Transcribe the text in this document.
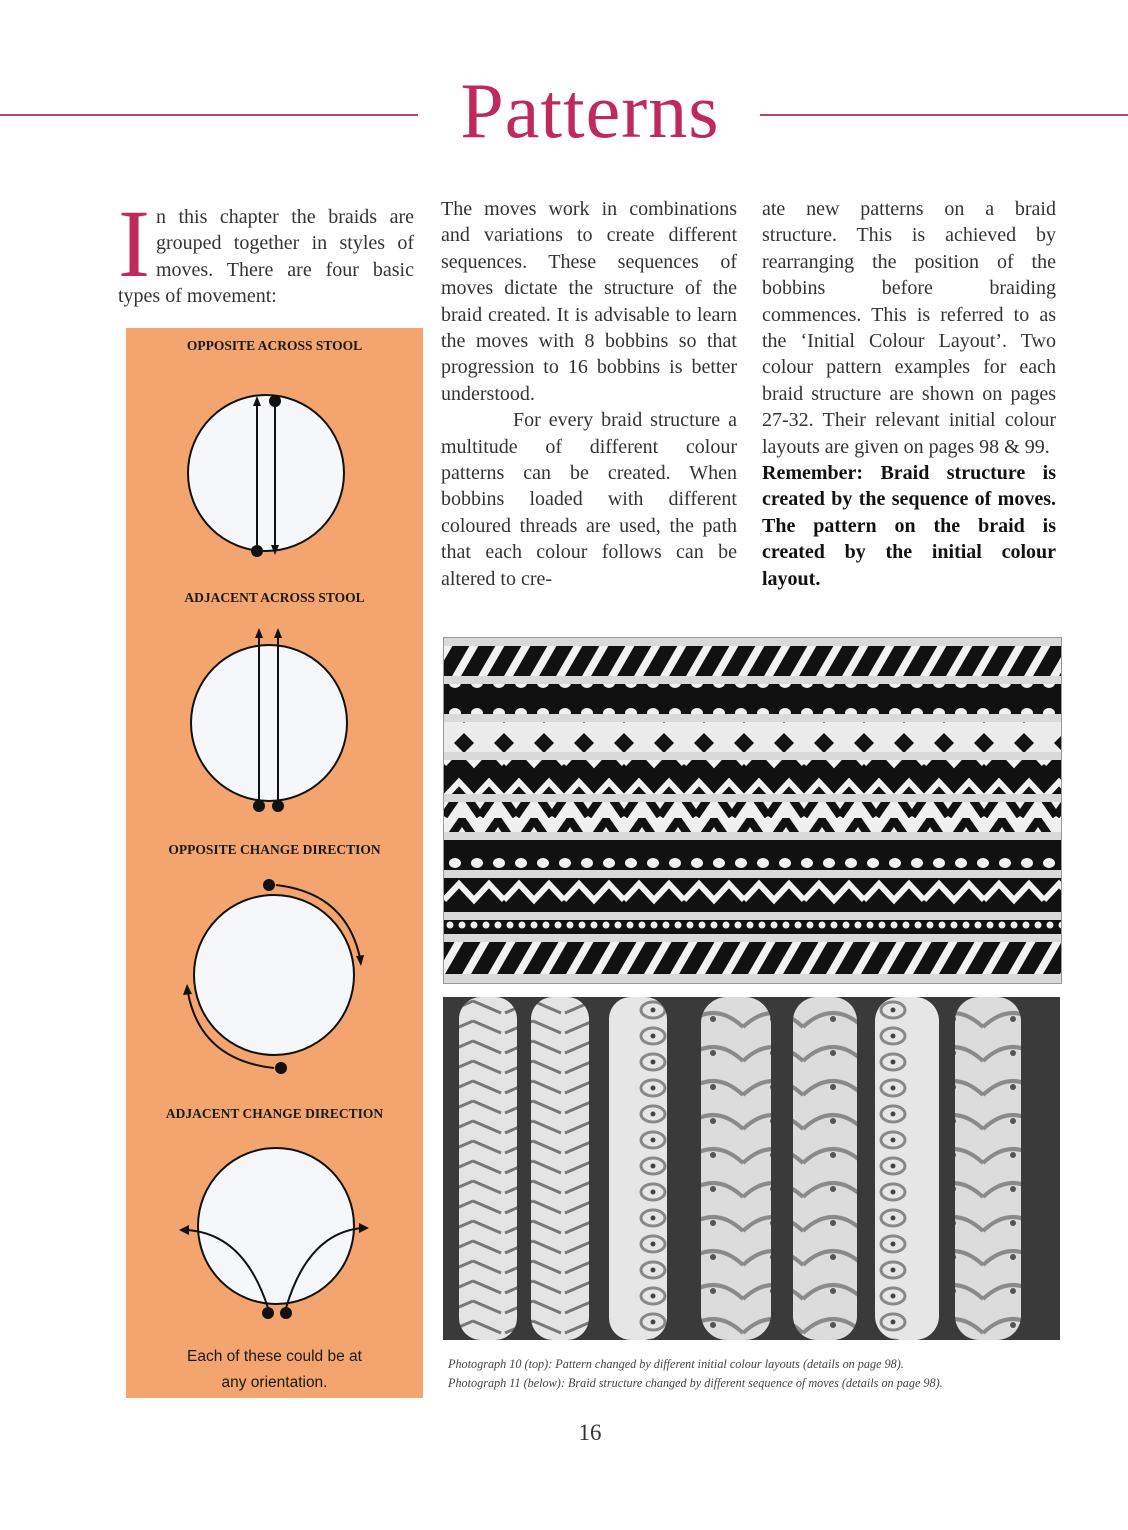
Patterns
I n this chapter the braids are grouped together in styles of moves. There are four basic types of movement:
OPPOSITE ACROSS STOOL
ADJACENT ACROSS STOOL
OPPOSITE CHANGE DIRECTION
ADJACENT CHANGE DIRECTION
Each of these could be at
any orientation.

The moves work in combinations and variations to create different sequences. These sequences of moves dictate the structure of the braid created. It is advisable to learn the moves with 8 bobbins so that progression to 16 bobbins is better understood.

For every braid structure a multitude of different colour patterns can be created. When bobbins loaded with different coloured threads are used, the path that each colour follows can be altered to cre-

ate new patterns on a braid structure. This is achieved by rearranging the position of the bobbins before braiding commences. This is referred to as the ‘Initial Colour Layout’. Two colour pattern examples for each braid structure are shown on pages 27-32. Their relevant initial colour layouts are given on pages 98 & 99.

Remember: Braid structure is created by the sequence of moves. The pattern on the braid is created by the initial colour layout.

Photograph 10 (top): Pattern changed by different initial colour layouts (details on page 98).
Photograph 11 (below): Braid structure changed by different sequence of moves (details on page 98).
16
